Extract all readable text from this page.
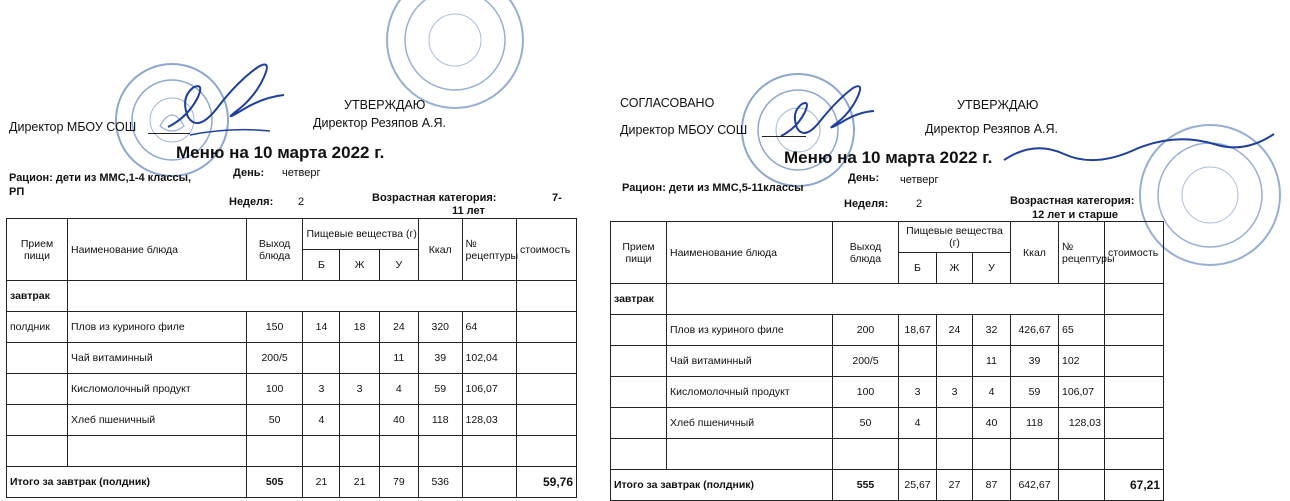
Директор МБОУ СОШ
УТВЕРЖДАЮ
Директор Резяпов А.Я.
Меню на 10 марта 2022 г.
Рацион: дети из ММС,1-4 классы,
РП
День: четверг
Неделя: 2	Возрастная категория:	7-
11 лет
Прием пищи	Наименование блюда	Выход блюда	Пищевые вещества (г)			Ккал	№ рецептуры	стоимость
			Б	Ж	У			
завтрак								
полдник	Плов из куриного филе	150	14	18	24	320	64	
	Чай витаминный	200/5			11	39	102,04	
	Кисломолочный продукт	100	3	3	4	59	106,07	
	Хлеб пшеничный	50	4		40	118	128,03	

Итого за завтрак (полдник)		505	21	21	79	536		59,76
СОГЛАСОВАНО
Директор МБОУ СОШ
УТВЕРЖДАЮ
Директор Резяпов А.Я.
Меню на 10 марта 2022 г.
Рацион: дети из ММС,5-11классы
День: четверг
Неделя:	2	Возрастная категория:
12 лет и старше
Прием пищи	Наименование блюда	Выход блюда	Пищевые вещества (г)			Ккал	№ рецептуры	стоимость
			Б	Ж	У			
завтрак								
	Плов из куриного филе	200	18,67	24	32	426,67	65	
	Чай витаминный	200/5			11	39	102	
	Кисломолочный продукт	100	3	3	4	59	106,07	
	Хлеб пшеничный	50	4		40	118	128,03	

Итого за завтрак (полдник)		555	25,67	27	87	642,67		67,21
